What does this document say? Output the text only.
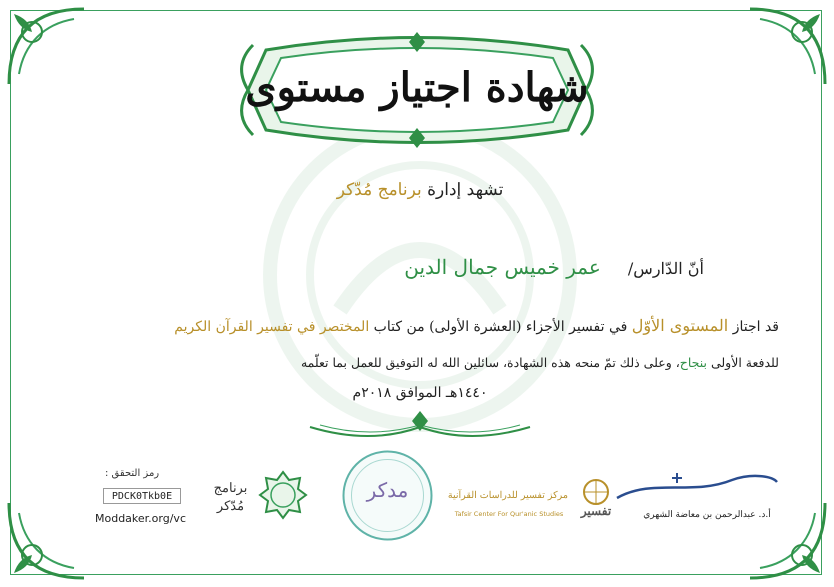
شهادة اجتياز مستوى
تشهد إدارة برنامج مُدّكر
أنّ الدّارس/ عمر خميس جمال الدين
قد اجتاز المستوى الأوّل في تفسير الأجزاء (العشرة الأولى) من كتاب المختصر في تفسير القرآن الكريم
للدفعة الأولى بنجاح، وعلى ذلك تمّ منحه هذه الشهادة، سائلين الله له التوفيق للعمل بما تعلّمه
١٤٤٠هـ الموافق ٢٠١٨م
رمز التحقق :
PDCK0Tkb0E
Moddaker.org/vc
برنامج مُدّكر
مدكر	مركز تفسير للدراسات القرآنية
Tafsir Center For Qur'anic Studies	تفسير	أ.د. عبدالرحمن بن معاضة الشهري
